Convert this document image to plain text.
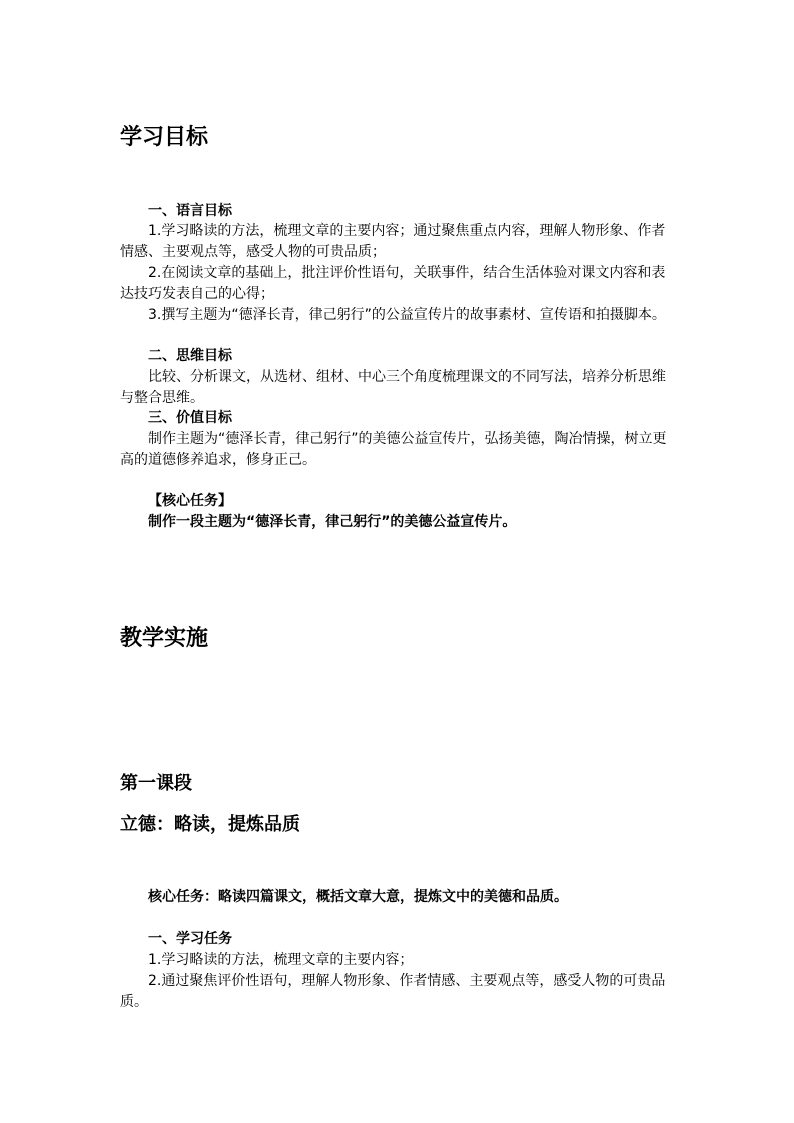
学习目标
一、语言目标
1.学习略读的方法，梳理文章的主要内容；通过聚焦重点内容，理解人物形象、作者情感、主要观点等，感受人物的可贵品质；
2.在阅读文章的基础上，批注评价性语句，关联事件，结合生活体验对课文内容和表达技巧发表自己的心得；
3.撰写主题为“德泽长青，律己躬行”的公益宣传片的故事素材、宣传语和拍摄脚本。
二、思维目标
比较、分析课文，从选材、组材、中心三个角度梳理课文的不同写法，培养分析思维与整合思维。
三、价值目标
制作主题为“德泽长青，律己躬行”的美德公益宣传片，弘扬美德，陶冶情操，树立更高的道德修养追求，修身正己。
【核心任务】
制作一段主题为“德泽长青，律己躬行”的美德公益宣传片。
教学实施
第一课段
立德：略读，提炼品质
核心任务：略读四篇课文，概括文章大意，提炼文中的美德和品质。
一、学习任务
1.学习略读的方法，梳理文章的主要内容；
2.通过聚焦评价性语句，理解人物形象、作者情感、主要观点等，感受人物的可贵品质。
